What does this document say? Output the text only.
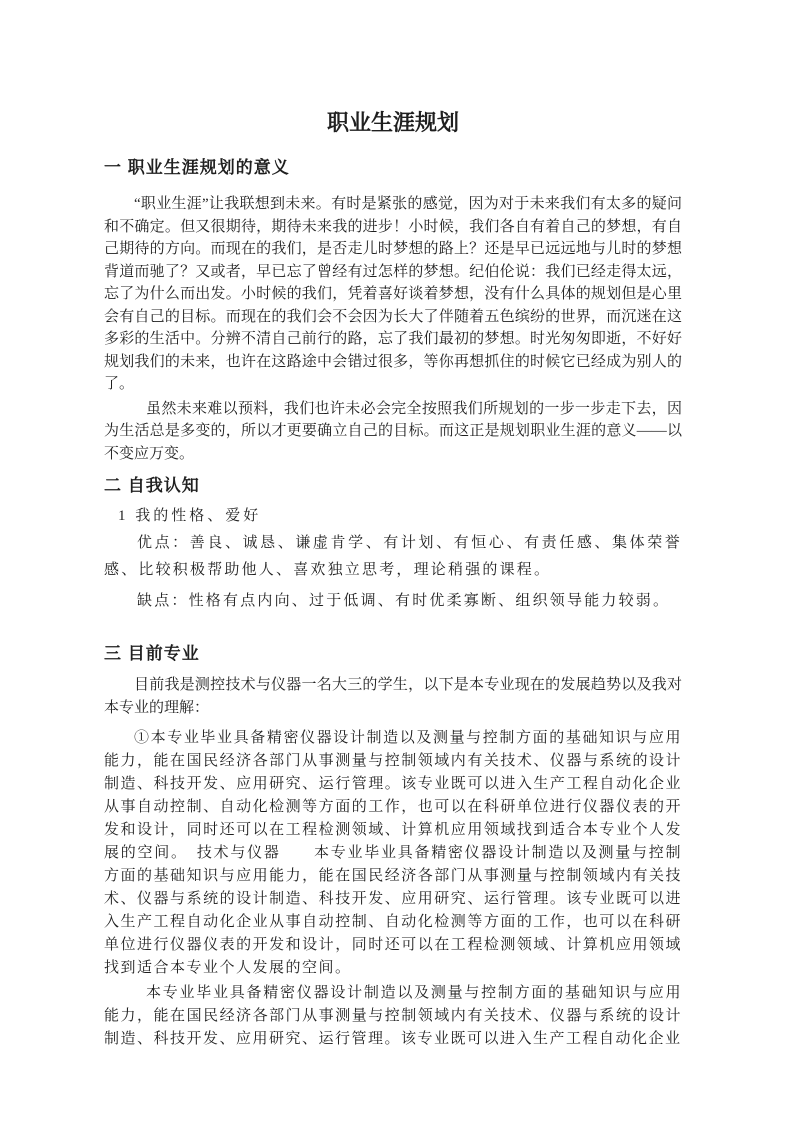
职业生涯规划
一 职业生涯规划的意义

“职业生涯”让我联想到未来。有时是紧张的感觉，因为对于未来我们有太多的疑问和不确定。但又很期待，期待未来我的进步！小时候，我们各自有着自己的梦想，有自己期待的方向。而现在的我们，是否走儿时梦想的路上？还是早已远远地与儿时的梦想背道而驰了？又或者，早已忘了曾经有过怎样的梦想。纪伯伦说：我们已经走得太远，忘了为什么而出发。小时候的我们，凭着喜好谈着梦想，没有什么具体的规划但是心里会有自己的目标。而现在的我们会不会因为长大了伴随着五色缤纷的世界，而沉迷在这多彩的生活中。分辨不清自己前行的路，忘了我们最初的梦想。时光匆匆即逝，不好好规划我们的未来，也许在这路途中会错过很多，等你再想抓住的时候它已经成为别人的了。

虽然未来难以预料，我们也许未必会完全按照我们所规划的一步一步走下去，因为生活总是多变的，所以才更要确立自己的目标。而这正是规划职业生涯的意义——以不变应万变。

二 自我认知

1 我的性格、爱好

优点：善良、诚恳、谦虚肯学、有计划、有恒心、有责任感、集体荣誉感、比较积极帮助他人、喜欢独立思考，理论稍强的课程。

缺点：性格有点内向、过于低调、有时优柔寡断、组织领导能力较弱。

三 目前专业

目前我是测控技术与仪器一名大三的学生，以下是本专业现在的发展趋势以及我对本专业的理解：

①本专业毕业具备精密仪器设计制造以及测量与控制方面的基础知识与应用能力，能在国民经济各部门从事测量与控制领域内有关技术、仪器与系统的设计制造、科技开发、应用研究、运行管理。该专业既可以进入生产工程自动化企业从事自动控制、自动化检测等方面的工作，也可以在科研单位进行仪器仪表的开发和设计，同时还可以在工程检测领域、计算机应用领域找到适合本专业个人发展的空间。　技术与仪器　　本专业毕业具备精密仪器设计制造以及测量与控制方面的基础知识与应用能力，能在国民经济各部门从事测量与控制领域内有关技术、仪器与系统的设计制造、科技开发、应用研究、运行管理。该专业既可以进入生产工程自动化企业从事自动控制、自动化检测等方面的工作，也可以在科研单位进行仪器仪表的开发和设计，同时还可以在工程检测领域、计算机应用领域找到适合本专业个人发展的空间。

本专业毕业具备精密仪器设计制造以及测量与控制方面的基础知识与应用能力，能在国民经济各部门从事测量与控制领域内有关技术、仪器与系统的设计制造、科技开发、应用研究、运行管理。该专业既可以进入生产工程自动化企业
